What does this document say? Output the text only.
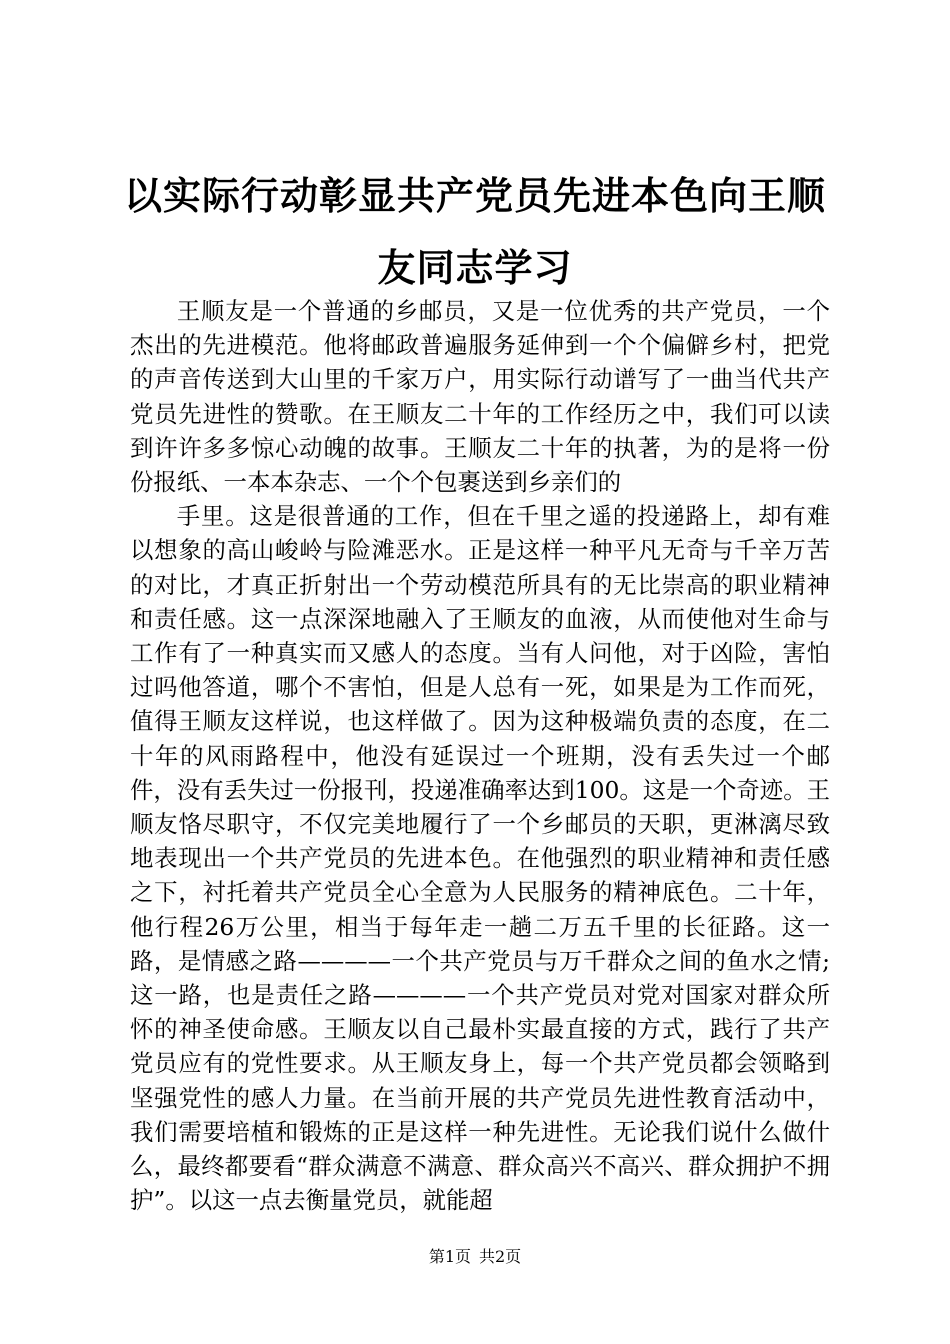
以实际行动彰显共产党员先进本色向王顺友同志学习

王顺友是一个普通的乡邮员，又是一位优秀的共产党员，一个杰出的先进模范。他将邮政普遍服务延伸到一个个偏僻乡村，把党的声音传送到大山里的千家万户，用实际行动谱写了一曲当代共产党员先进性的赞歌。在王顺友二十年的工作经历之中，我们可以读到许许多多惊心动魄的故事。王顺友二十年的执著，为的是将一份份报纸、一本本杂志、一个个包裹送到乡亲们的

手里。这是很普通的工作，但在千里之遥的投递路上，却有难以想象的高山峻岭与险滩恶水。正是这样一种平凡无奇与千辛万苦的对比，才真正折射出一个劳动模范所具有的无比崇高的职业精神和责任感。这一点深深地融入了王顺友的血液，从而使他对生命与工作有了一种真实而又感人的态度。当有人问他，对于凶险，害怕过吗他答道，哪个不害怕，但是人总有一死，如果是为工作而死，值得王顺友这样说，也这样做了。因为这种极端负责的态度，在二十年的风雨路程中，他没有延误过一个班期，没有丢失过一个邮件，没有丢失过一份报刊，投递准确率达到100。这是一个奇迹。王顺友恪尽职守，不仅完美地履行了一个乡邮员的天职，更淋漓尽致地表现出一个共产党员的先进本色。在他强烈的职业精神和责任感之下，衬托着共产党员全心全意为人民服务的精神底色。二十年，他行程26万公里，相当于每年走一趟二万五千里的长征路。这一路，是情感之路————一个共产党员与万千群众之间的鱼水之情;这一路，也是责任之路————一个共产党员对党对国家对群众所怀的神圣使命感。王顺友以自己最朴实最直接的方式，践行了共产党员应有的党性要求。从王顺友身上，每一个共产党员都会领略到坚强党性的感人力量。在当前开展的共产党员先进性教育活动中，我们需要培植和锻炼的正是这样一种先进性。无论我们说什么做什么，最终都要看“群众满意不满意、群众高兴不高兴、群众拥护不拥护”。以这一点去衡量党员，就能超

第1页 共2页
